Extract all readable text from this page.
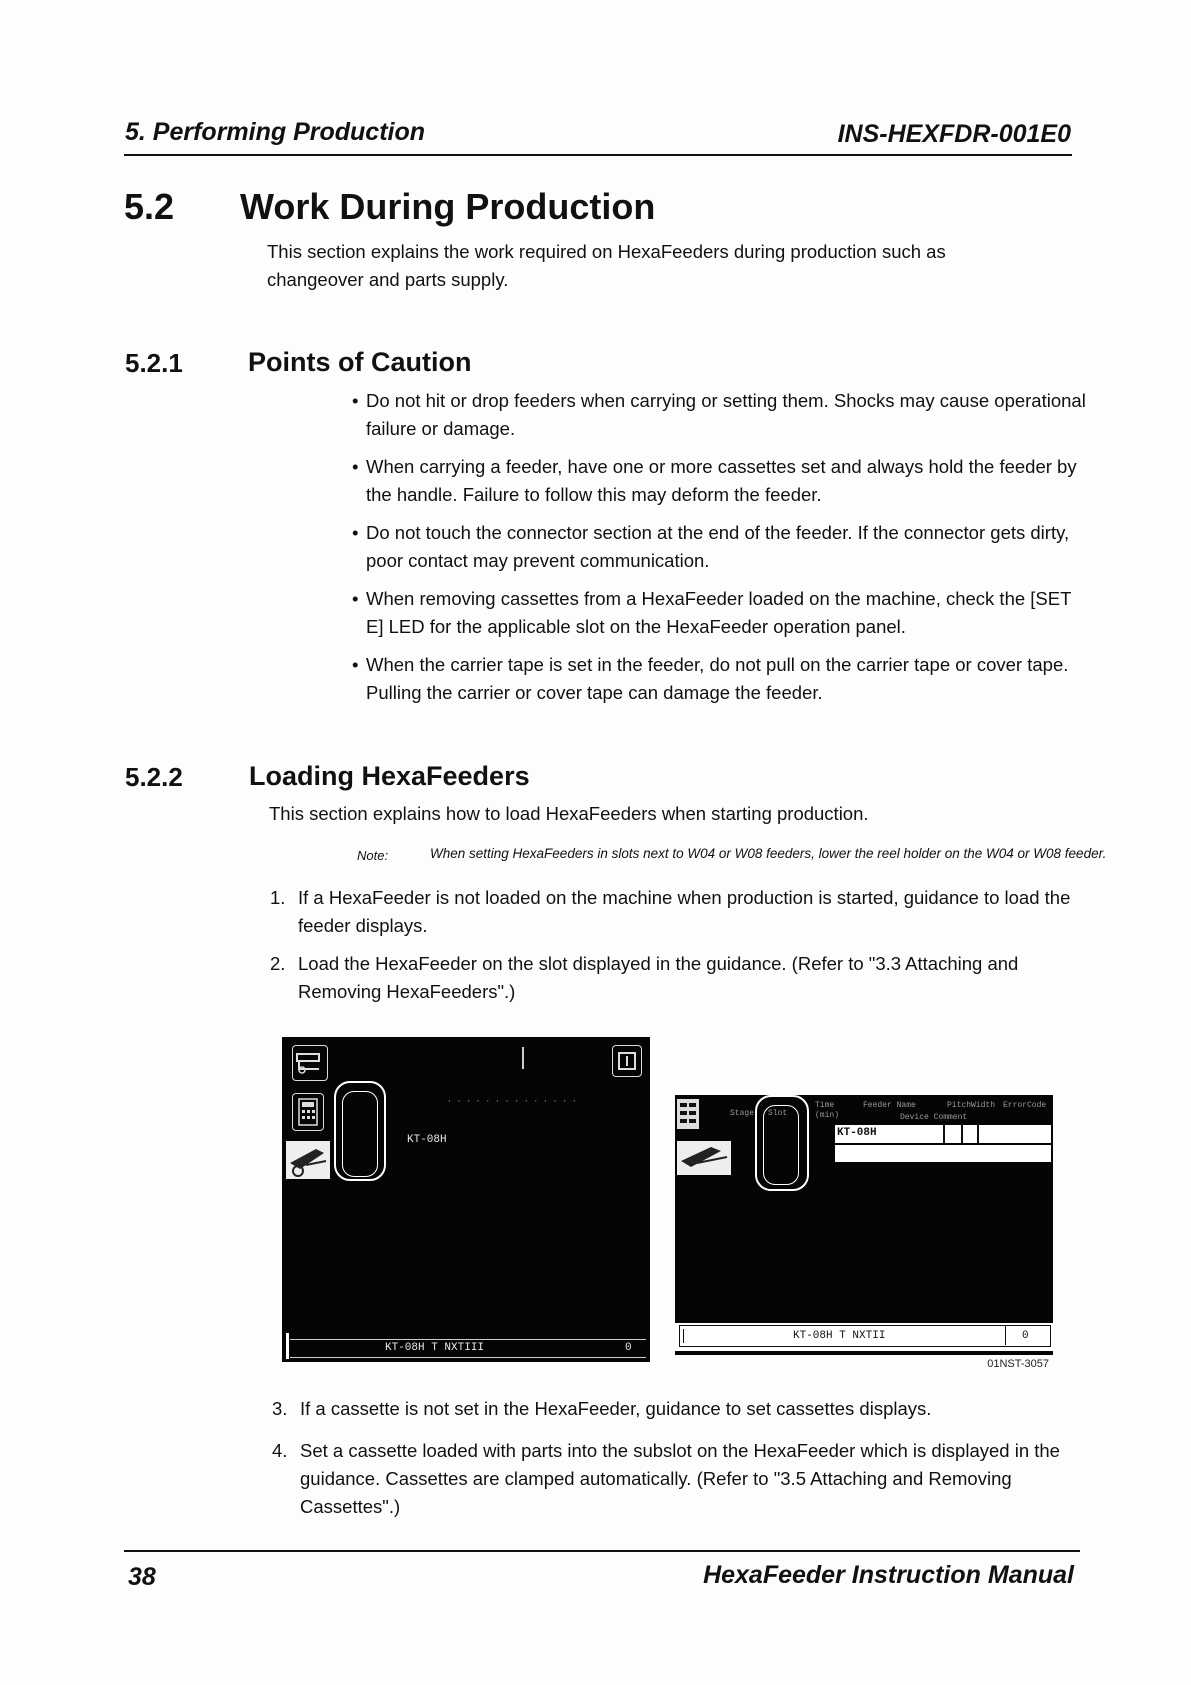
5. Performing Production	INS-HEXFDR-001E0
5.2 Work During Production
This section explains the work required on HexaFeeders during production such as
changeover and parts supply.
5.2.1 Points of Caution
• Do not hit or drop feeders when carrying or setting them. Shocks may cause operational failure or damage.
• When carrying a feeder, have one or more cassettes set and always hold the feeder by the handle. Failure to follow this may deform the feeder.
• Do not touch the connector section at the end of the feeder. If the connector gets dirty, poor contact may prevent communication.
• When removing cassettes from a HexaFeeder loaded on the machine, check the [SET E] LED for the applicable slot on the HexaFeeder operation panel.
• When the carrier tape is set in the feeder, do not pull on the carrier tape or cover tape. Pulling the carrier or cover tape can damage the feeder.
5.2.2 Loading HexaFeeders
This section explains how to load HexaFeeders when starting production.
Note:	When setting HexaFeeders in slots next to W04 or W08 feeders, lower the reel holder on the W04 or W08 feeder.
1. If a HexaFeeder is not loaded on the machine when production is started, guidance to load the feeder displays.
2. Load the HexaFeeder on the slot displayed in the guidance. (Refer to "3.3 Attaching and Removing HexaFeeders".)
· · · · · · · · · · · · · ·
KT-08H
KT-08H T NXTIII	0
Stage Slot
Time
(min)
Feeder Name	PitchWidth ErrorCode
Device Comment
KT-08H
KT-08H T NXTII	0
01NST-3057
3. If a cassette is not set in the HexaFeeder, guidance to set cassettes displays.
4. Set a cassette loaded with parts into the subslot on the HexaFeeder which is displayed in the guidance. Cassettes are clamped automatically. (Refer to "3.5 Attaching and Removing Cassettes".)
38	HexaFeeder Instruction Manual
